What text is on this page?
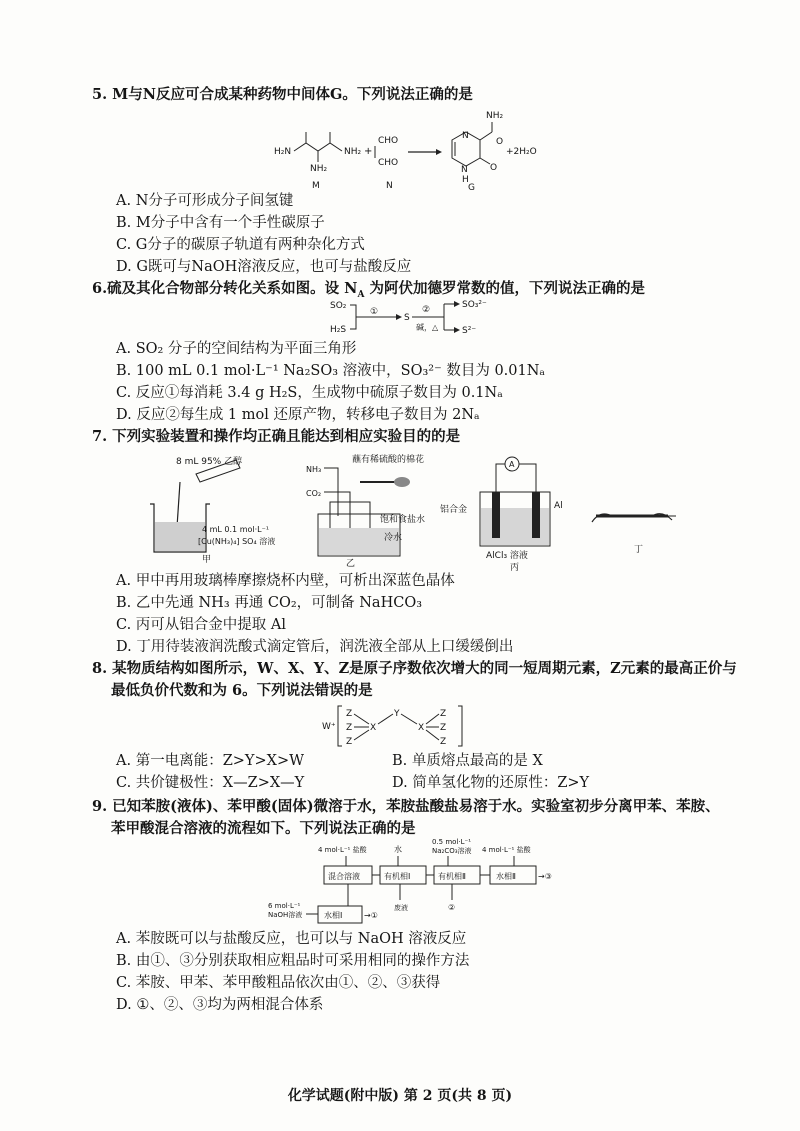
5. M与N反应可合成某种药物中间体G。下列说法正确的是
H₂N
NH₂
NH₂ +
M
CHO
CHO
N
N
N
H
NH₂
O
O
+2H₂O
G
A. N分子可形成分子间氢键
B. M分子中含有一个手性碳原子
C. G分子的碳原子轨道有两种杂化方式
D. G既可与NaOH溶液反应，也可与盐酸反应
6.硫及其化合物部分转化关系如图。设 $N_A$ 为阿伏加德罗常数的值，下列说法正确的是
SO₂
H₂S
①
S
②
碱，△
SO₃²⁻
S²⁻
A. SO₂ 分子的空间结构为平面三角形
B. 100 mL 0.1 mol·L⁻¹ Na₂SO₃ 溶液中，SO₃²⁻ 数目为 0.01Nₐ
C. 反应①每消耗 3.4 g H₂S，生成物中硫原子数目为 0.1Nₐ
D. 反应②每生成 1 mol 还原产物，转移电子数目为 2Nₐ
7. 下列实验装置和操作均正确且能达到相应实验目的的是
8 mL 95% 乙醇
4 mL 0.1 mol·L⁻¹
[Cu(NH₃)₄] SO₄ 溶液
甲
NH₃
CO₂
蘸有稀硫酸的棉花
饱和食盐水
冷水
乙
A
铝合金	Al
AlCl₃ 溶液
丙
丁
A. 甲中再用玻璃棒摩擦烧杯内壁，可析出深蓝色晶体
B. 乙中先通 NH₃ 再通 CO₂，可制备 NaHCO₃
C. 丙可从铝合金中提取 Al
D. 丁用待装液润洗酸式滴定管后，润洗液全部从上口缓缓倒出
8. 某物质结构如图所示，W、X、Y、Z是原子序数依次增大的同一短周期元素，Z元素的最高正价与
最低负价代数和为 6。下列说法错误的是
W⁺
Z
Z
Z
X
Y
X
Z
Z
Z
A. 第一电离能：Z>Y>X>W	B. 单质熔点最高的是 X
C. 共价键极性：X—Z>X—Y	D. 简单氢化物的还原性：Z>Y
9. 已知苯胺(液体)、苯甲酸(固体)微溶于水，苯胺盐酸盐易溶于水。实验室初步分离甲苯、苯胺、
苯甲酸混合溶液的流程如下。下列说法正确的是
4 mol·L⁻¹ 盐酸	水
0.5 mol·L⁻¹
Na₂CO₃溶液 4 mol·L⁻¹ 盐酸
混合溶液	有机相Ⅰ	有机相Ⅱ	水相Ⅱ	→③
6 mol·L⁻¹
NaOH溶液	水相Ⅰ	→①
废液	②
A. 苯胺既可以与盐酸反应，也可以与 NaOH 溶液反应
B. 由①、③分别获取相应粗品时可采用相同的操作方法
C. 苯胺、甲苯、苯甲酸粗品依次由①、②、③获得
D. ①、②、③均为两相混合体系
化学试题(附中版) 第 2 页(共 8 页)
